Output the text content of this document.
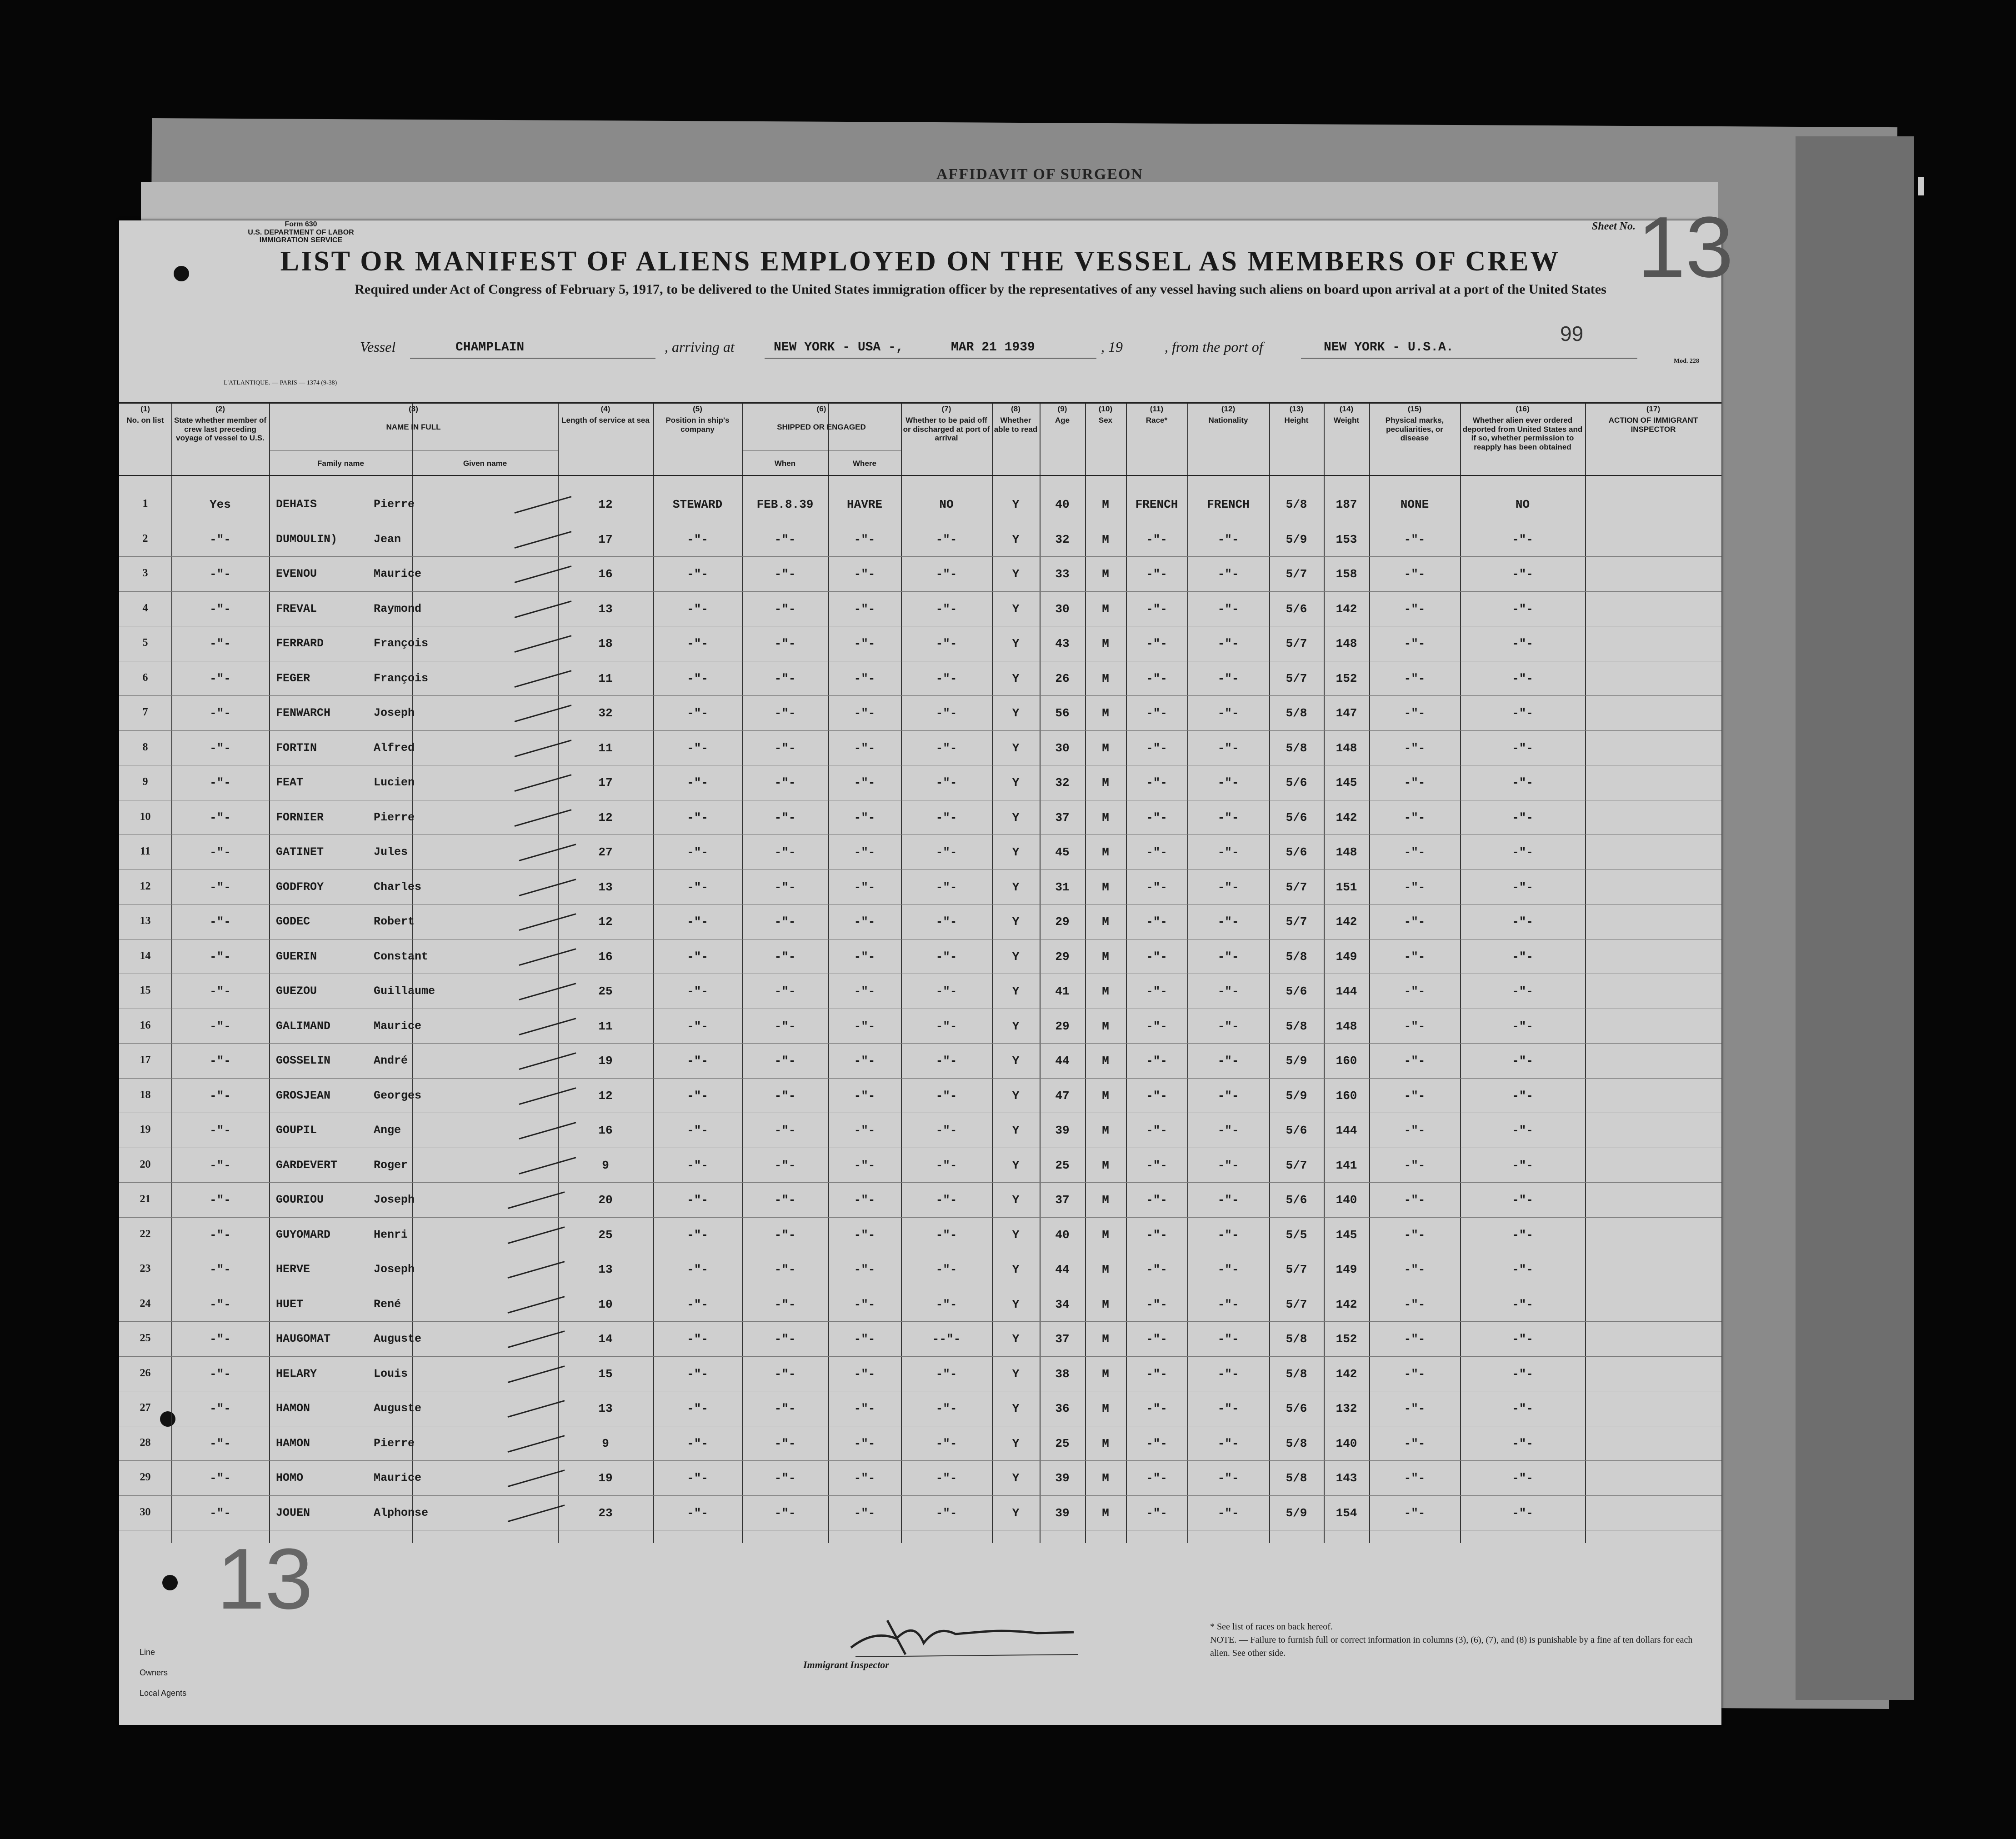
AFFIDAVIT OF SURGEON
Form 630
U.S. DEPARTMENT OF LABOR
IMMIGRATION SERVICE
Sheet No. 13
LIST OR MANIFEST OF ALIENS EMPLOYED ON THE VESSEL AS MEMBERS OF CREW
Required under Act of Congress of February 5, 1917, to be delivered to the United States immigration officer by the representatives of any vessel having such aliens on board upon arrival at a port of the United States
Vessel	CHAMPLAIN	, arriving at	NEW YORK - USA -,	MAR 21 1939	, 19	, from the port of	NEW YORK - U.S.A.
99
Mod. 228
L'ATLANTIQUE. — PARIS — 1374 (9-38)
(1)
No. on list
(2)
State whether member of crew last preceding voyage of vessel to U.S.
(3)
NAME IN FULL
Family name	Given name
(4)
Length of service at sea
(5)
Position in ship's company
(6)
SHIPPED OR ENGAGED
When	Where
(7)
Whether to be paid off or discharged at port of arrival
(8)
Whether able to read
(9)
Age
(10)
Sex
(11)
Race*
(12)
Nationality
(13)
Height
(14)
Weight
(15)
Physical marks, peculiarities, or disease
(16)
Whether alien ever ordered deported from United States and if so, whether permission to reapply has been obtained
(17)
ACTION OF IMMIGRANT INSPECTOR
1	Yes	DEHAIS	Pierre	12	STEWARD	FEB.8.39	HAVRE	NO	Y	40	M	FRENCH	FRENCH	5/8	187	NONE	NO
2	-"-	DUMOULIN)	Jean	17	-"-	-"-	-"-	-"-	Y	32	M	-"-	-"-	5/9	153	-"-	-"-
3	-"-	EVENOU	Maurice	16	-"-	-"-	-"-	-"-	Y	33	M	-"-	-"-	5/7	158	-"-	-"-
4	-"-	FREVAL	Raymond	13	-"-	-"-	-"-	-"-	Y	30	M	-"-	-"-	5/6	142	-"-	-"-
5	-"-	FERRARD	François	18	-"-	-"-	-"-	-"-	Y	43	M	-"-	-"-	5/7	148	-"-	-"-
6	-"-	FEGER	François	11	-"-	-"-	-"-	-"-	Y	26	M	-"-	-"-	5/7	152	-"-	-"-
7	-"-	FENWARCH	Joseph	32	-"-	-"-	-"-	-"-	Y	56	M	-"-	-"-	5/8	147	-"-	-"-
8	-"-	FORTIN	Alfred	11	-"-	-"-	-"-	-"-	Y	30	M	-"-	-"-	5/8	148	-"-	-"-
9	-"-	FEAT	Lucien	17	-"-	-"-	-"-	-"-	Y	32	M	-"-	-"-	5/6	145	-"-	-"-
10	-"-	FORNIER	Pierre	12	-"-	-"-	-"-	-"-	Y	37	M	-"-	-"-	5/6	142	-"-	-"-
11	-"-	GATINET	Jules	27	-"-	-"-	-"-	-"-	Y	45	M	-"-	-"-	5/6	148	-"-	-"-
12	-"-	GODFROY	Charles	13	-"-	-"-	-"-	-"-	Y	31	M	-"-	-"-	5/7	151	-"-	-"-
13	-"-	GODEC	Robert	12	-"-	-"-	-"-	-"-	Y	29	M	-"-	-"-	5/7	142	-"-	-"-
14	-"-	GUERIN	Constant	16	-"-	-"-	-"-	-"-	Y	29	M	-"-	-"-	5/8	149	-"-	-"-
15	-"-	GUEZOU	Guillaume	25	-"-	-"-	-"-	-"-	Y	41	M	-"-	-"-	5/6	144	-"-	-"-
16	-"-	GALIMAND	Maurice	11	-"-	-"-	-"-	-"-	Y	29	M	-"-	-"-	5/8	148	-"-	-"-
17	-"-	GOSSELIN	André	19	-"-	-"-	-"-	-"-	Y	44	M	-"-	-"-	5/9	160	-"-	-"-
18	-"-	GROSJEAN	Georges	12	-"-	-"-	-"-	-"-	Y	47	M	-"-	-"-	5/9	160	-"-	-"-
19	-"-	GOUPIL	Ange	16	-"-	-"-	-"-	-"-	Y	39	M	-"-	-"-	5/6	144	-"-	-"-
20	-"-	GARDEVERT	Roger	9	-"-	-"-	-"-	-"-	Y	25	M	-"-	-"-	5/7	141	-"-	-"-
21	-"-	GOURIOU	Joseph	20	-"-	-"-	-"-	-"-	Y	37	M	-"-	-"-	5/6	140	-"-	-"-
22	-"-	GUYOMARD	Henri	25	-"-	-"-	-"-	-"-	Y	40	M	-"-	-"-	5/5	145	-"-	-"-
23	-"-	HERVE	Joseph	13	-"-	-"-	-"-	-"-	Y	44	M	-"-	-"-	5/7	149	-"-	-"-
24	-"-	HUET	René	10	-"-	-"-	-"-	-"-	Y	34	M	-"-	-"-	5/7	142	-"-	-"-
25	-"-	HAUGOMAT	Auguste	14	-"-	-"-	-"-	--"-	Y	37	M	-"-	-"-	5/8	152	-"-	-"-
26	-"-	HELARY	Louis	15	-"-	-"-	-"-	-"-	Y	38	M	-"-	-"-	5/8	142	-"-	-"-
27	-"-	HAMON	Auguste	13	-"-	-"-	-"-	-"-	Y	36	M	-"-	-"-	5/6	132	-"-	-"-
28	-"-	HAMON	Pierre	9	-"-	-"-	-"-	-"-	Y	25	M	-"-	-"-	5/8	140	-"-	-"-
29	-"-	HOMO	Maurice	19	-"-	-"-	-"-	-"-	Y	39	M	-"-	-"-	5/8	143	-"-	-"-
30	-"-	JOUEN	Alphonse	23	-"-	-"-	-"-	-"-	Y	39	M	-"-	-"-	5/9	154	-"-	-"-
Line
Owners
Local Agents
13
Immigrant Inspector
* See list of races on back hereof.
NOTE. — Failure to furnish full or correct information in columns (3), (6), (7), and (8) is punishable by a fine af ten dollars for each alien. See other side.
